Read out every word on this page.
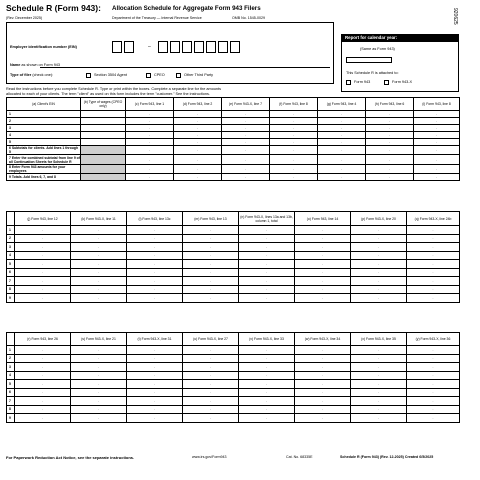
Schedule R (Form 943): Allocation Schedule for Aggregate Form 943 Filers
(Rev. December 2025)	Department of the Treasury — Internal Revenue Service	OMB No. 1545-0029	920625
Employer identification number (EIN)	–
Name as shown on Form 943
Type of filer (check one):	Section 3504 Agent	CPEO	Other Third Party
Report for calendar year:
(Same as Form 943)
This Schedule R is attached to:
Form 943	Form 943-X
Read the instructions before you complete Schedule R. Type or print within the boxes. Complete a separate line for the amounts
allocated to each of your clients. The term "client" as used on this form includes the term "customer." See the instructions.
(a) Client's EIN	(b) Type of wages (CPEO only)	(c) Form 943, line 1	(d) Form 943, line 2	(e) Form 943-X, line 7	(f) Form 943, line 8	(g) Form 943, line 4	(h) Form 943, line 6	(i) Form 943, line 8
1		.	.	.	.	.	.	.
2		.	.	.	.	.	.	.
3		.	.	.	.	.	.	.
4		.	.	.	.	.	.	.
5		.	.	.	.	.	.	.
6 Subtotals for clients. Add lines 1 through 5		.	.	.	.	.	.	.
7 Enter the combined subtotal from line 9 of all Continuation Sheets for Schedule R		.	.	.	.	.	.	.
8 Enter Form 943 amounts for your employees		.	.	.	.	.	.	.
9 Totals. Add lines 6, 7, and 8		.	.	.	.	.	.	.
	(j) Form 943, line 12	(k) Form 943-X, line 11	(l) Form 943, line 13c	(m) Form 943, line 13	(n) Form 943-X, lines 13a and 13b, column 1, total	(o) Form 943, line 14	(p) Form 943-X, line 20	(q) Form 943-X, line 24b
1	.	.	.	.	.	.	.	.
2	.	.	.	.	.	.	.	.
3	.	.	.	.	.	.	.	.
4	.	.	.	.	.	.	.	.
5	.	.	.	.	.	.	.	.
6	.	.	.	.	.	.	.	.
7	.	.	.	.	.	.	.	.
8	.	.	.	.	.	.	.	.
9	.	.	.	.	.	.	.	.
	(r) Form 943, line 26	(s) Form 943-X, line 21	(t) Form 943-X, line 31	(u) Form 943-X, line 27	(v) Form 943-X, line 33	(w) Form 943-X, line 34	(x) Form 943-X, line 35	(y) Form 943-X, line 36
1	.	.	.	.	.	.	.	.
2	.	.	.	.	.	.	.	.
3	.	.	.	.	.	.	.	.
4	.	.	.	.	.	.	.	.
5	.	.	.	.	.	.	.	.
6	.	.	.	.	.	.	.	.
7	.	.	.	.	.	.	.	.
8	.	.	.	.	.	.	.	.
9	.	.	.	.	.	.	.	.
For Paperwork Reduction Act Notice, see the separate instructions.	www.irs.gov/Form943	Cat. No. 68335E	Schedule R (Form 943) (Rev. 12-2025) Created 6/5/2025
